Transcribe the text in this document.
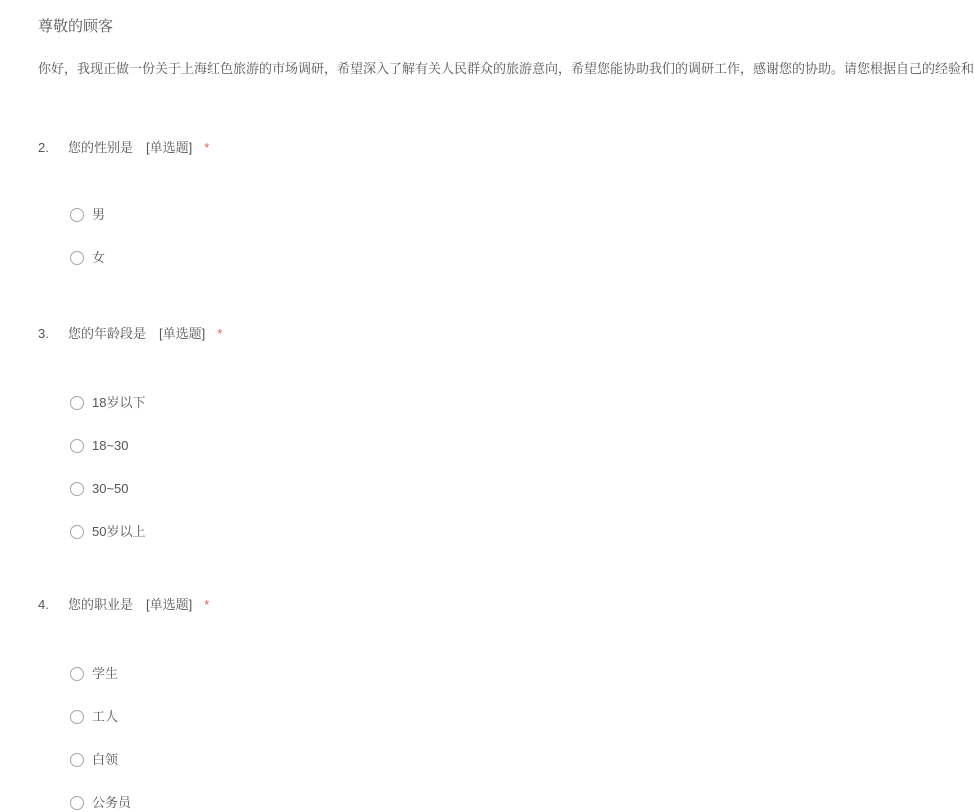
尊敬的顾客
你好，我现正做一份关于上海红色旅游的市场调研，希望深入了解有关人民群众的旅游意向，希望您能协助我们的调研工作，感谢您的协助。请您根据自己的经验和
2. 您的性别是 [单选题] *
男
女
3. 您的年龄段是 [单选题] *
18岁以下
18~30
30~50
50岁以上
4. 您的职业是 [单选题] *
学生
工人
白领
公务员
